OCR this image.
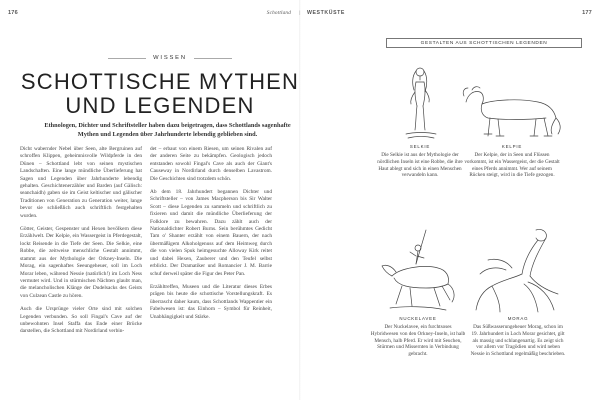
176	Schottland	|	WESTKÜSTE	177
WISSEN
SCHOTTISCHE MYTHEN
UND LEGENDEN

Ethnologen, Dichter und Schriftsteller haben dazu beigetragen, dass Schottlands sagenhafte Mythen und Legenden über Jahrhunderte lebendig geblieben sind.

Dicht wabernder Nebel über Seen, alte Bergruinen auf schroffen Klippen, geheimnisvolle Wildpferde in den Dünen – Schottland lebt von seinen mystischen Landschaften. Eine lange mündliche Überlieferung hat Sagen und Legenden über Jahrhunderte lebendig gehalten. Geschichtenerzähler und Barden (auf Gälisch: seanchaidh) gaben sie im Geist keltischer und gälischer Traditionen von Generation zu Generation weiter, lange bevor sie schließlich auch schriftlich festgehalten wurden.

Götter, Geister, Gespenster und Hexen bevölkern diese Erzählwelt. Der Kelpie, ein Wassergeist in Pferdegestalt, lockt Reisende in die Tiefe der Seen. Die Selkie, eine Robbe, die zeitweise menschliche Gestalt annimmt, stammt aus der Mythologie der Orkney-Inseln. Die Morag, ein sagenhaftes Seeungeheuer, soll im Loch Morar leben, während Nessie (natürlich!) im Loch Ness vermutet wird. Und in stürmischen Nächten glaubt man, die melancholischen Klänge der Dudelsacks des Geists von Culzean Castle zu hören.

Auch die Ursprünge vieler Orte sind mit solchen Legenden verbunden. So soll Fingal's Cave auf der unbewohnten Insel Staffa das Ende einer Brücke darstellen, die Schottland mit Nordirland verbin-

det – erbaut von einem Riesen, um seinen Rivalen auf der anderen Seite zu bekämpfen. Geologisch jedoch entstanden sowohl Fingal's Cave als auch der Giant's Causeway in Nordirland durch denselben Lavastrom. Die Geschichten sind trotzdem schön.

Ab dem 18. Jahrhundert begannen Dichter und Schriftsteller – von James Macpherson bis Sir Walter Scott – diese Legenden zu sammeln und schriftlich zu fixieren und damit die mündliche Überlieferung der Folklore zu bewahren. Dazu zählt auch der Nationaldichter Robert Burns. Sein berühmtes Gedicht Tam o' Shanter erzählt von einem Bauern, der nach übermäßigem Alkoholgenuss auf dem Heimweg durch die von vielen Spuk heimgesuchte Alloway Kirk reitet und dabei Hexen, Zauberer und den Teufel selbst erblickt. Der Dramatiker und Romancier J. M. Barrie schuf derweil später die Figur des Peter Pan.

Erzähltreffen, Museen und die Literatur dieses Erbes prägen bis heute die schottische Vorstellungskraft. Es überrascht daher kaum, dass Schottlands Wappentier ein Fabelwesen ist: das Einhorn – Symbol für Reinheit, Unabhängigkeit und Stärke.

GESTALTEN AUS SCHOTTISCHEN LEGENDEN
SELKIE
Die Selkie ist aus der Mythologie der nördlichen Inseln ist eine Robbe, die ihre Haut ablegt und sich in einen Menschen verwandeln kann.
KELPIE
Der Kelpie, der in Seen und Flüssen vorkommt, ist ein Wassergeist, der die Gestalt eines Pferds annimmt. Wer auf seinem Rücken steigt, wird in die Tiefe gezogen.
NUCKELAVEE
Der Nuckelavee, ein furchtsoses Hybridwesen von den Orkney-Inseln, ist halb Mensch, halb Pferd. Er wird mit Seuchen, Stürmen und Missernten in Verbindung gebracht.
MORAG
Das Süßwasserungeheuer Morag, schon im 19. Jahrhundert in Loch Morar gesichtet, gilt als massig und schlangenartig. Es zeigt sich vor allem vor Tragödien und wird neben Nessie in Schottland regelmäßig beschrieben.
